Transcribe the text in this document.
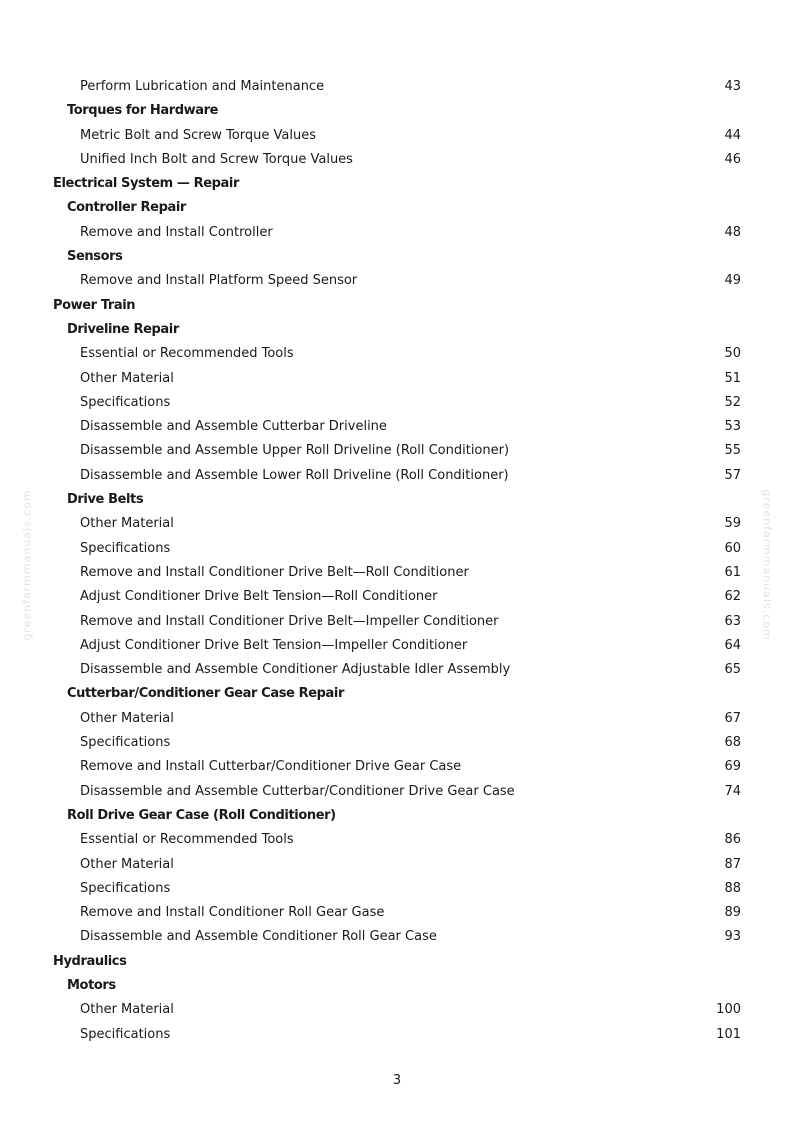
Perform Lubrication and Maintenance	43
Torques for Hardware
Metric Bolt and Screw Torque Values	44
Unified Inch Bolt and Screw Torque Values	46
Electrical System — Repair
Controller Repair
Remove and Install Controller	48
Sensors
Remove and Install Platform Speed Sensor	49
Power Train
Driveline Repair
Essential or Recommended Tools	50
Other Material	51
Specifications	52
Disassemble and Assemble Cutterbar Driveline	53
Disassemble and Assemble Upper Roll Driveline (Roll Conditioner)	55
Disassemble and Assemble Lower Roll Driveline (Roll Conditioner)	57
Drive Belts
Other Material	59
Specifications	60
Remove and Install Conditioner Drive Belt—Roll Conditioner	61
Adjust Conditioner Drive Belt Tension—Roll Conditioner	62
Remove and Install Conditioner Drive Belt—Impeller Conditioner	63
Adjust Conditioner Drive Belt Tension—Impeller Conditioner	64
Disassemble and Assemble Conditioner Adjustable Idler Assembly	65
Cutterbar/Conditioner Gear Case Repair
Other Material	67
Specifications	68
Remove and Install Cutterbar/Conditioner Drive Gear Case	69
Disassemble and Assemble Cutterbar/Conditioner Drive Gear Case	74
Roll Drive Gear Case (Roll Conditioner)
Essential or Recommended Tools	86
Other Material	87
Specifications	88
Remove and Install Conditioner Roll Gear Gase	89
Disassemble and Assemble Conditioner Roll Gear Case	93
Hydraulics
Motors
Other Material	100
Specifications	101
greenfarmmanuals.com	greenfarmmanuals.com
3
